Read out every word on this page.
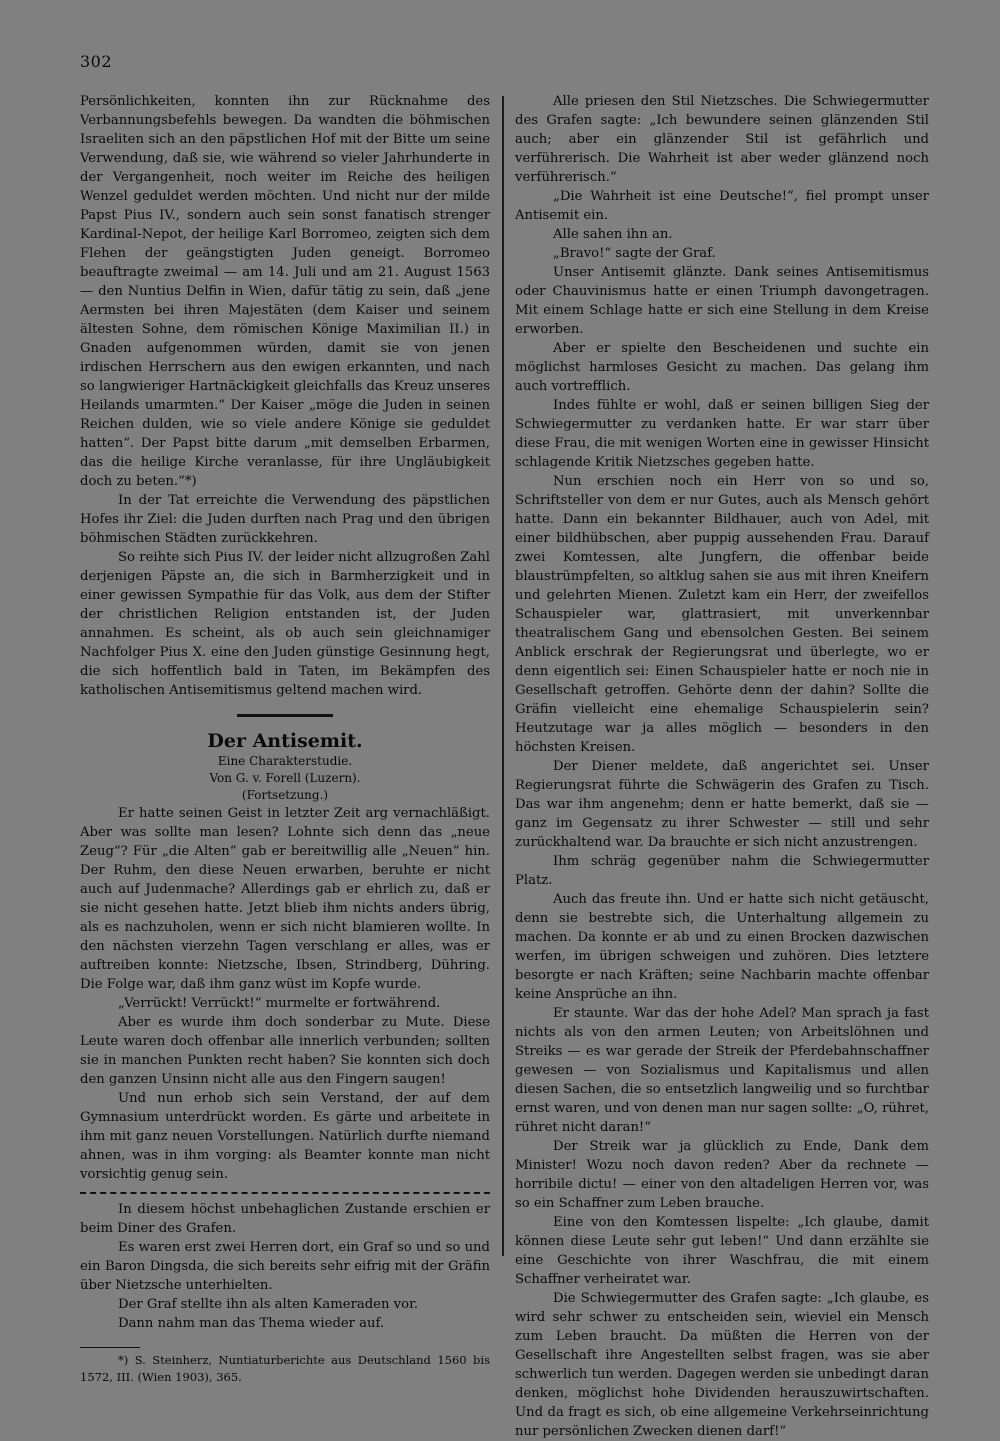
302

Persönlichkeiten, konnten ihn zur Rücknahme des Verbannungsbefehls bewegen. Da wandten die böhmischen Israeliten sich an den päpstlichen Hof mit der Bitte um seine Verwendung, daß sie, wie während so vieler Jahrhunderte in der Vergangenheit, noch weiter im Reiche des heiligen Wenzel geduldet werden möchten. Und nicht nur der milde Papst Pius IV., sondern auch sein sonst fanatisch strenger Kardinal-Nepot, der heilige Karl Borromeo, zeigten sich dem Flehen der geängstigten Juden geneigt. Borromeo beauftragte zweimal — am 14. Juli und am 21. August 1563 — den Nuntius Delfin in Wien, dafür tätig zu sein, daß „jene Aermsten bei ihren Majestäten (dem Kaiser und seinem ältesten Sohne, dem römischen Könige Maximilian II.) in Gnaden aufgenommen würden, damit sie von jenen irdischen Herrschern aus den ewigen erkannten, und nach so langwieriger Hartnäckigkeit gleichfalls das Kreuz unseres Heilands umarmten.“ Der Kaiser „möge die Juden in seinen Reichen dulden, wie so viele andere Könige sie geduldet hatten“. Der Papst bitte darum „mit demselben Erbarmen, das die heilige Kirche veranlasse, für ihre Ungläubigkeit doch zu beten.“*)

In der Tat erreichte die Verwendung des päpstlichen Hofes ihr Ziel: die Juden durften nach Prag und den übrigen böhmischen Städten zurückkehren.

So reihte sich Pius IV. der leider nicht allzugroßen Zahl derjenigen Päpste an, die sich in Barmherzigkeit und in einer gewissen Sympathie für das Volk, aus dem der Stifter der christlichen Religion entstanden ist, der Juden annahmen. Es scheint, als ob auch sein gleichnamiger Nachfolger Pius X. eine den Juden günstige Gesinnung hegt, die sich hoffentlich bald in Taten, im Bekämpfen des katholischen Antisemitismus geltend machen wird.

Der Antisemit.

Eine Charakterstudie.

Von G. v. Forell (Luzern).

(Fortsetzung.)

Er hatte seinen Geist in letzter Zeit arg vernachläßigt. Aber was sollte man lesen? Lohnte sich denn das „neue Zeug“? Für „die Alten“ gab er bereitwillig alle „Neuen“ hin. Der Ruhm, den diese Neuen erwarben, beruhte er nicht auch auf Judenmache? Allerdings gab er ehrlich zu, daß er sie nicht gesehen hatte. Jetzt blieb ihm nichts anders übrig, als es nachzuholen, wenn er sich nicht blamieren wollte. In den nächsten vierzehn Tagen verschlang er alles, was er auftreiben konnte: Nietzsche, Ibsen, Strindberg, Dühring. Die Folge war, daß ihm ganz wüst im Kopfe wurde.

„Verrückt! Verrückt!“ murmelte er fortwährend.

Aber es wurde ihm doch sonderbar zu Mute. Diese Leute waren doch offenbar alle innerlich verbunden; sollten sie in manchen Punkten recht haben? Sie konnten sich doch den ganzen Unsinn nicht alle aus den Fingern saugen!

Und nun erhob sich sein Verstand, der auf dem Gymnasium unterdrückt worden. Es gärte und arbeitete in ihm mit ganz neuen Vorstellungen. Natürlich durfte niemand ahnen, was in ihm vorging: als Beamter konnte man nicht vorsichtig genug sein.

In diesem höchst unbehaglichen Zustande erschien er beim Diner des Grafen.

Es waren erst zwei Herren dort, ein Graf so und so und ein Baron Dingsda, die sich bereits sehr eifrig mit der Gräfin über Nietzsche unterhielten.

Der Graf stellte ihn als alten Kameraden vor.

Dann nahm man das Thema wieder auf.

*) S. Steinherz, Nuntiaturberichte aus Deutschland 1560 bis 1572, III. (Wien 1903), 365.

Alle priesen den Stil Nietzsches. Die Schwiegermutter des Grafen sagte: „Ich bewundere seinen glänzenden Stil auch; aber ein glänzender Stil ist gefährlich und verführerisch. Die Wahrheit ist aber weder glänzend noch verführerisch.“

„Die Wahrheit ist eine Deutsche!“, fiel prompt unser Antisemit ein.

Alle sahen ihn an.

„Bravo!“ sagte der Graf.

Unser Antisemit glänzte. Dank seines Antisemitismus oder Chauvinismus hatte er einen Triumph davongetragen. Mit einem Schlage hatte er sich eine Stellung in dem Kreise erworben.

Aber er spielte den Bescheidenen und suchte ein möglichst harmloses Gesicht zu machen. Das gelang ihm auch vortrefflich.

Indes fühlte er wohl, daß er seinen billigen Sieg der Schwiegermutter zu verdanken hatte. Er war starr über diese Frau, die mit wenigen Worten eine in gewisser Hinsicht schlagende Kritik Nietzsches gegeben hatte.

Nun erschien noch ein Herr von so und so, Schriftsteller von dem er nur Gutes, auch als Mensch gehört hatte. Dann ein bekannter Bildhauer, auch von Adel, mit einer bildhübschen, aber puppig aussehenden Frau. Darauf zwei Komtessen, alte Jungfern, die offenbar beide blaustrümpfelten, so altklug sahen sie aus mit ihren Kneifern und gelehrten Mienen. Zuletzt kam ein Herr, der zweifellos Schauspieler war, glattrasiert, mit unverkennbar theatralischem Gang und ebensolchen Gesten. Bei seinem Anblick erschrak der Regierungsrat und überlegte, wo er denn eigentlich sei: Einen Schauspieler hatte er noch nie in Gesellschaft getroffen. Gehörte denn der dahin? Sollte die Gräfin vielleicht eine ehemalige Schauspielerin sein? Heutzutage war ja alles möglich — besonders in den höchsten Kreisen.

Der Diener meldete, daß angerichtet sei. Unser Regierungsrat führte die Schwägerin des Grafen zu Tisch. Das war ihm angenehm; denn er hatte bemerkt, daß sie — ganz im Gegensatz zu ihrer Schwester — still und sehr zurückhaltend war. Da brauchte er sich nicht anzustrengen.

Ihm schräg gegenüber nahm die Schwiegermutter Platz.

Auch das freute ihn. Und er hatte sich nicht getäuscht, denn sie bestrebte sich, die Unterhaltung allgemein zu machen. Da konnte er ab und zu einen Brocken dazwischen werfen, im übrigen schweigen und zuhören. Dies letztere besorgte er nach Kräften; seine Nachbarin machte offenbar keine Ansprüche an ihn.

Er staunte. War das der hohe Adel? Man sprach ja fast nichts als von den armen Leuten; von Arbeitslöhnen und Streiks — es war gerade der Streik der Pferdebahnschaffner gewesen — von Sozialismus und Kapitalismus und allen diesen Sachen, die so entsetzlich langweilig und so furchtbar ernst waren, und von denen man nur sagen sollte: „O, rühret, rühret nicht daran!“

Der Streik war ja glücklich zu Ende, Dank dem Minister! Wozu noch davon reden? Aber da rechnete — horribile dictu! — einer von den altadeligen Herren vor, was so ein Schaffner zum Leben brauche.

Eine von den Komtessen lispelte: „Ich glaube, damit können diese Leute sehr gut leben!“ Und dann erzählte sie eine Geschichte von ihrer Waschfrau, die mit einem Schaffner verheiratet war.

Die Schwiegermutter des Grafen sagte: „Ich glaube, es wird sehr schwer zu entscheiden sein, wieviel ein Mensch zum Leben braucht. Da müßten die Herren von der Gesellschaft ihre Angestellten selbst fragen, was sie aber schwerlich tun werden. Dagegen werden sie unbedingt daran denken, möglichst hohe Dividenden herauszuwirtschaften. Und da fragt es sich, ob eine allgemeine Verkehrseinrichtung nur persönlichen Zwecken dienen darf!“
